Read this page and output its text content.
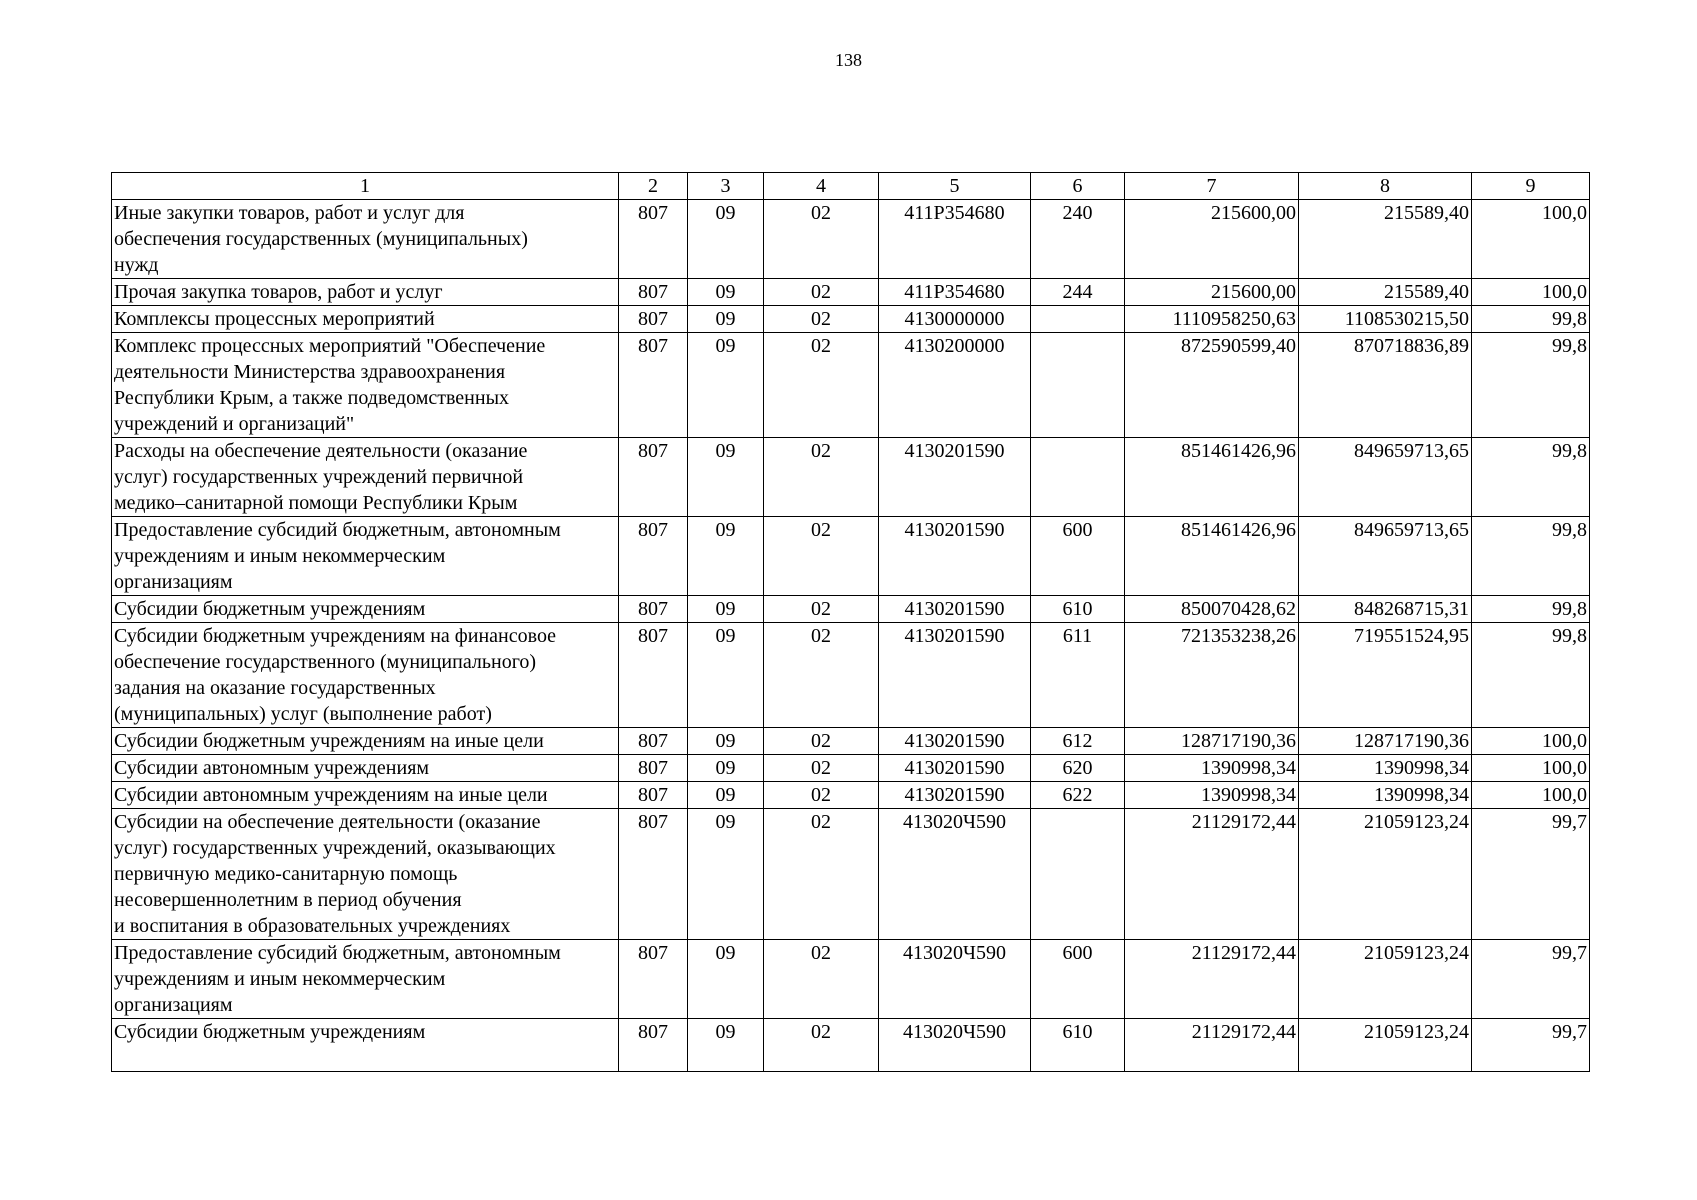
138
1	2	3	4	5	6	7	8	9
Иные закупки товаров, работ и услуг для
обеспечения государственных (муниципальных)
нужд	807	09	02	411Р354680	240	215600,00	215589,40	100,0
Прочая закупка товаров, работ и услуг	807	09	02	411Р354680	244	215600,00	215589,40	100,0
Комплексы процессных мероприятий	807	09	02	4130000000		1110958250,63	1108530215,50	99,8
Комплекс процессных мероприятий "Обеспечение
деятельности Министерства здравоохранения
Республики Крым, а также подведомственных
учреждений и организаций"	807	09	02	4130200000		872590599,40	870718836,89	99,8
Расходы на обеспечение деятельности (оказание
услуг) государственных учреждений первичной
медико–санитарной помощи Республики Крым	807	09	02	4130201590		851461426,96	849659713,65	99,8
Предоставление субсидий бюджетным, автономным
учреждениям и иным некоммерческим
организациям	807	09	02	4130201590	600	851461426,96	849659713,65	99,8
Субсидии бюджетным учреждениям	807	09	02	4130201590	610	850070428,62	848268715,31	99,8
Субсидии бюджетным учреждениям на финансовое
обеспечение государственного (муниципального)
задания на оказание государственных
(муниципальных) услуг (выполнение работ)	807	09	02	4130201590	611	721353238,26	719551524,95	99,8
Субсидии бюджетным учреждениям на иные цели	807	09	02	4130201590	612	128717190,36	128717190,36	100,0
Субсидии автономным учреждениям	807	09	02	4130201590	620	1390998,34	1390998,34	100,0
Субсидии автономным учреждениям на иные цели	807	09	02	4130201590	622	1390998,34	1390998,34	100,0
Субсидии на обеспечение деятельности (оказание
услуг) государственных учреждений, оказывающих
первичную медико-санитарную помощь
несовершеннолетним в период обучения
и воспитания в образовательных учреждениях	807	09	02	413020Ч590		21129172,44	21059123,24	99,7
Предоставление субсидий бюджетным, автономным
учреждениям и иным некоммерческим
организациям	807	09	02	413020Ч590	600	21129172,44	21059123,24	99,7
Субсидии бюджетным учреждениям	807	09	02	413020Ч590	610	21129172,44	21059123,24	99,7
